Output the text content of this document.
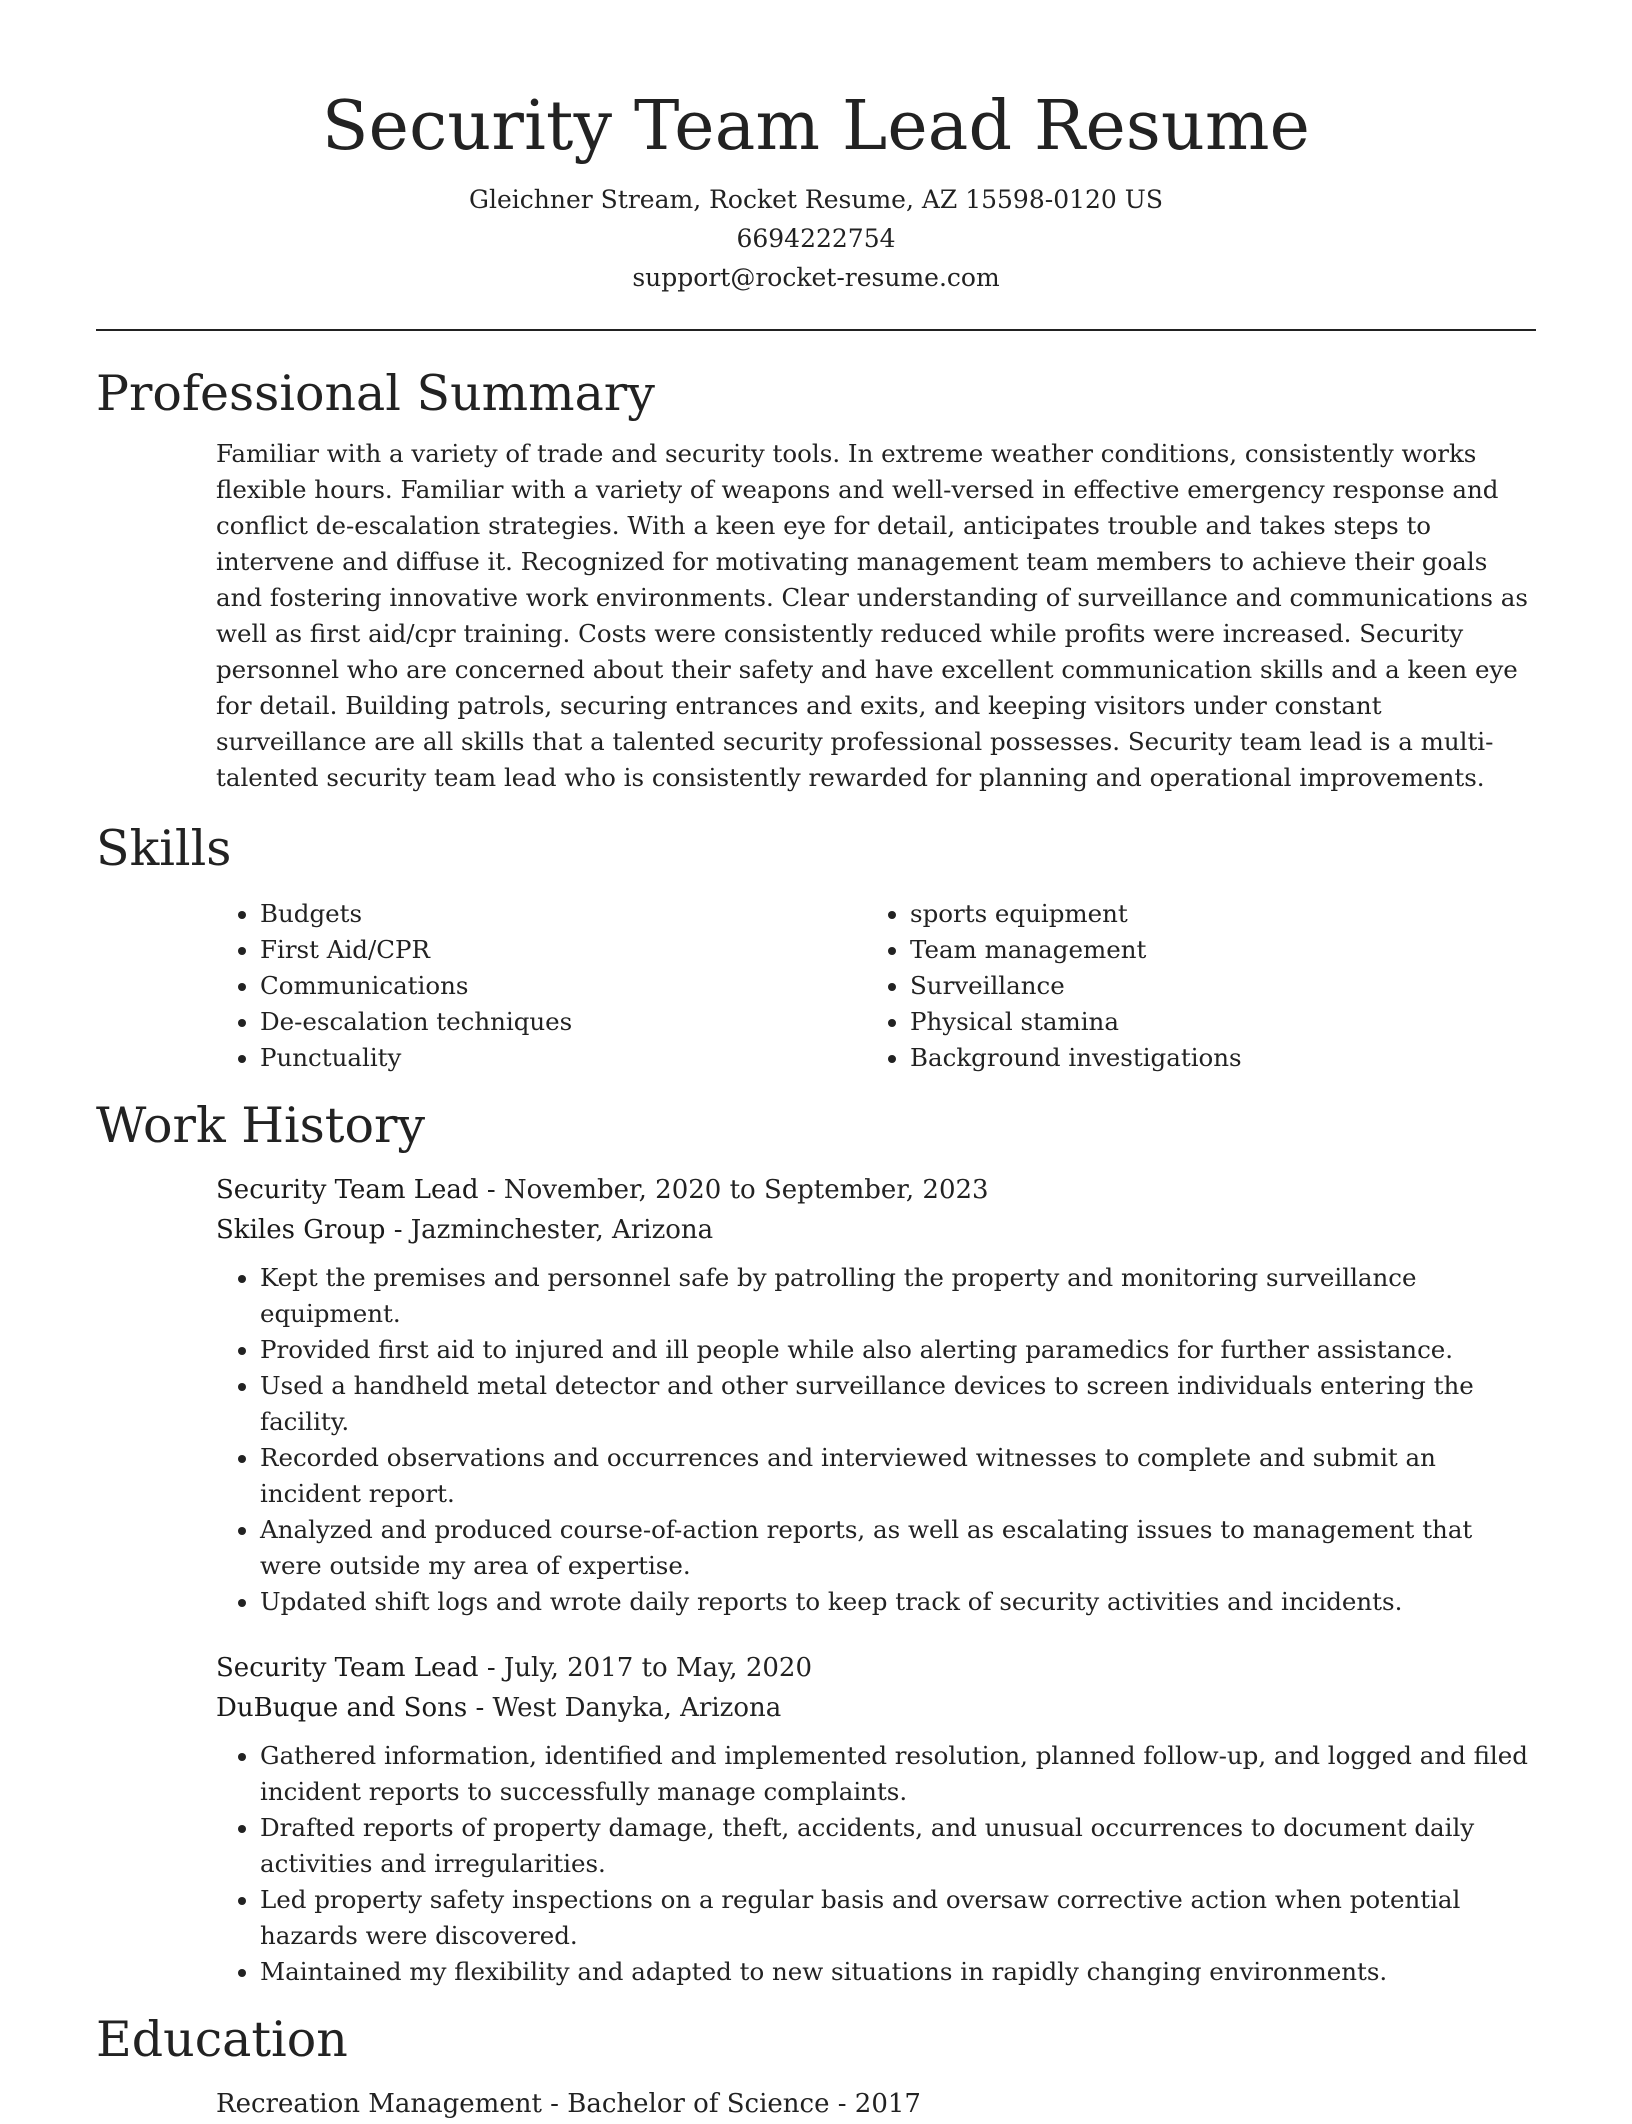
Security Team Lead Resume
Gleichner Stream, Rocket Resume, AZ 15598-0120 US
6694222754
support@rocket-resume.com
Professional Summary

Familiar with a variety of trade and security tools. In extreme weather conditions, consistently works flexible hours. Familiar with a variety of weapons and well-versed in effective emergency response and conflict de-escalation strategies. With a keen eye for detail, anticipates trouble and takes steps to intervene and diffuse it. Recognized for motivating management team members to achieve their goals and fostering innovative work environments. Clear understanding of surveillance and communications as well as first aid/cpr training. Costs were consistently reduced while profits were increased. Security personnel who are concerned about their safety and have excellent communication skills and a keen eye for detail. Building patrols, securing entrances and exits, and keeping visitors under constant surveillance are all skills that a talented security professional possesses. Security team lead is a multi-talented security team lead who is consistently rewarded for planning and operational improvements.

Skills
• Budgets
• First Aid/CPR
• Communications
• De-escalation techniques
• Punctuality
• sports equipment
• Team management
• Surveillance
• Physical stamina
• Background investigations
Work History
Security Team Lead - November, 2020 to September, 2023
Skiles Group - Jazminchester, Arizona
• Kept the premises and personnel safe by patrolling the property and monitoring surveillance equipment.
• Provided first aid to injured and ill people while also alerting paramedics for further assistance.
• Used a handheld metal detector and other surveillance devices to screen individuals entering the facility.
• Recorded observations and occurrences and interviewed witnesses to complete and submit an incident report.
• Analyzed and produced course-of-action reports, as well as escalating issues to management that were outside my area of expertise.
• Updated shift logs and wrote daily reports to keep track of security activities and incidents.
Security Team Lead - July, 2017 to May, 2020
DuBuque and Sons - West Danyka, Arizona
• Gathered information, identified and implemented resolution, planned follow-up, and logged and filed incident reports to successfully manage complaints.
• Drafted reports of property damage, theft, accidents, and unusual occurrences to document daily activities and irregularities.
• Led property safety inspections on a regular basis and oversaw corrective action when potential hazards were discovered.
• Maintained my flexibility and adapted to new situations in rapidly changing environments.
Education
Recreation Management - Bachelor of Science - 2017
